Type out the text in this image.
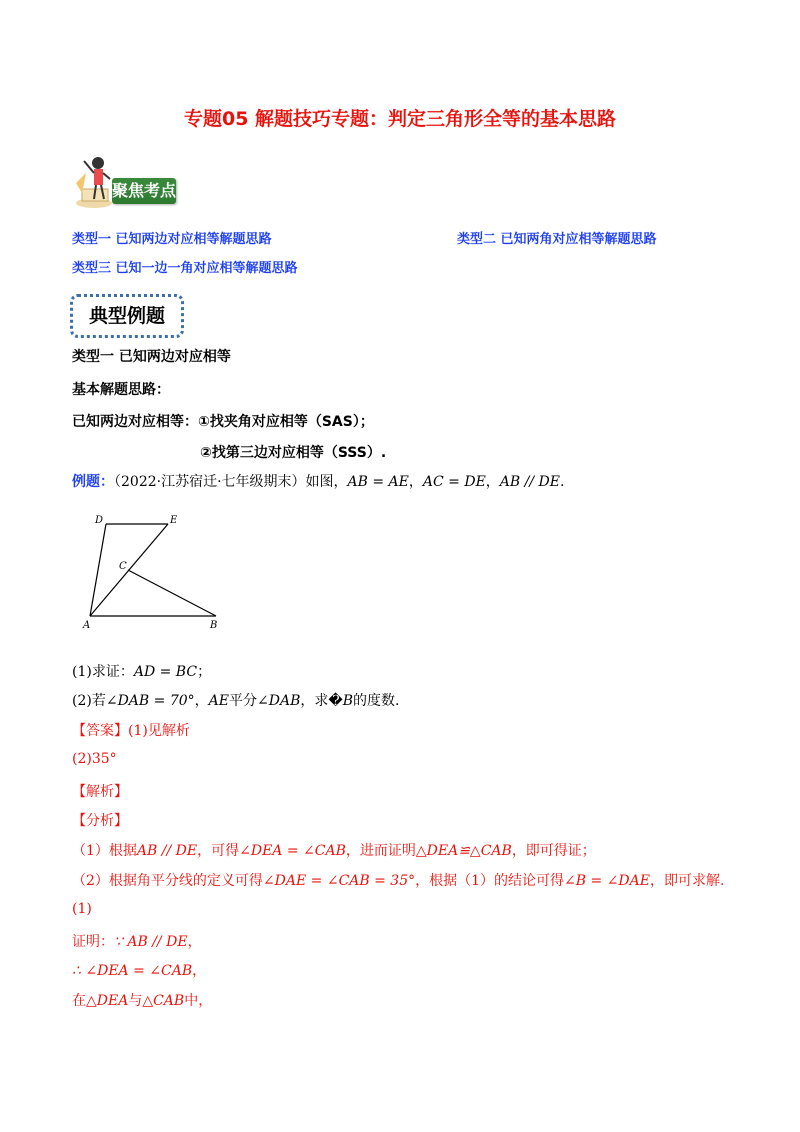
专题05 解题技巧专题：判定三角形全等的基本思路
聚焦考点
类型一 已知两边对应相等解题思路	类型二 已知两角对应相等解题思路
类型三 已知一边一角对应相等解题思路
典型例题
类型一 已知两边对应相等
基本解题思路：
已知两边对应相等：①找夹角对应相等（SAS）；
②找第三边对应相等（SSS）.
例题：（2022·江苏宿迁·七年级期末）如图，AB = AE，AC = DE，AB // DE.
D	E
C
A	B
(1)求证：AD = BC；
(2)若∠DAB = 70°，AE平分∠DAB，求�B的度数.
【答案】(1)见解析
(2)35°
【解析】
【分析】
（1）根据AB // DE，可得∠DEA = ∠CAB，进而证明△DEA≌△CAB，即可得证；
（2）根据角平分线的定义可得∠DAE = ∠CAB = 35°，根据（1）的结论可得∠B = ∠DAE，即可求解.
(1)
证明：∵ AB // DE，
∴ ∠DEA = ∠CAB，
在△DEA与△CAB中，
